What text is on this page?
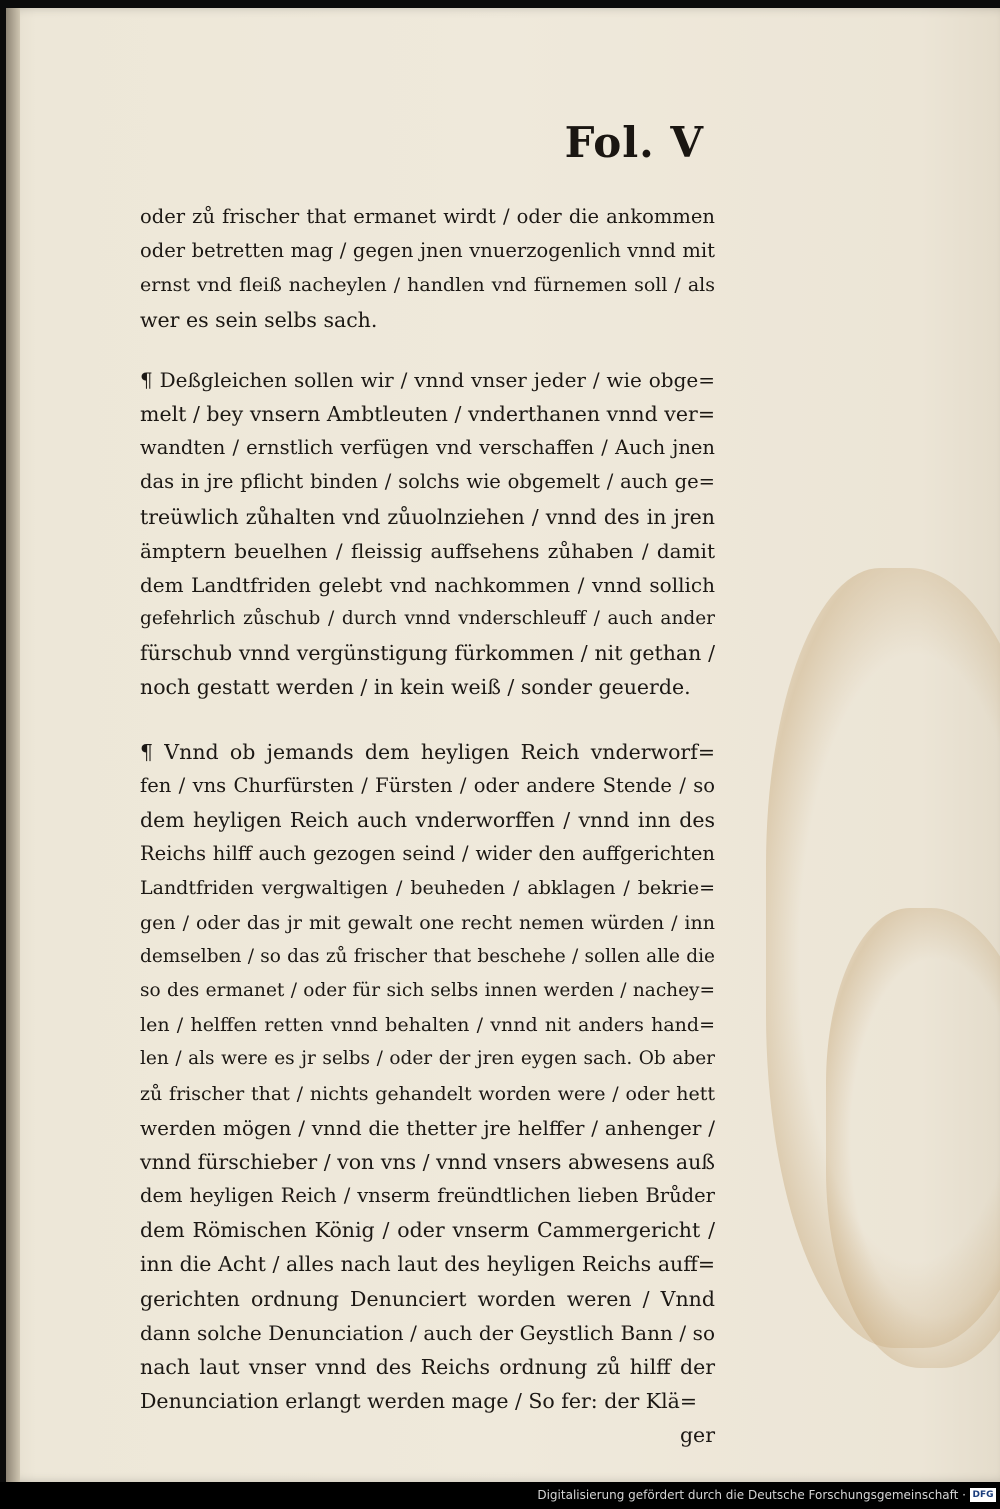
Fol. V
oder zů frischer that ermanet wirdt / oder die ankommen
oder betretten mag / gegen jnen vnuerzogenlich vnnd mit
ernst vnd fleiß nacheylen / handlen vnd fürnemen soll / als
wer es sein selbs sach.
¶ Deßgleichen sollen wir / vnnd vnser jeder / wie obge=
melt / bey vnsern Ambtleuten / vnderthanen vnnd ver=
wandten / ernstlich verfügen vnd verschaffen / Auch jnen
das in jre pflicht binden / solchs wie obgemelt / auch ge=
treüwlich zůhalten vnd zůuolnziehen / vnnd des in jren
ämptern beuelhen / fleissig auffsehens zůhaben / damit
dem Landtfriden gelebt vnd nachkommen / vnnd sollich
gefehrlich zůschub / durch vnnd vnderschleuff / auch ander
fürschub vnnd vergünstigung fürkommen / nit gethan /
noch gestatt werden / in kein weiß / sonder geuerde.
¶ Vnnd ob jemands dem heyligen Reich vnderworf=
fen / vns Churfürsten / Fürsten / oder andere Stende / so
dem heyligen Reich auch vnderworffen / vnnd inn des
Reichs hilff auch gezogen seind / wider den auffgerichten
Landtfriden vergwaltigen / beuheden / abklagen / bekrie=
gen / oder das jr mit gewalt one recht nemen würden / inn
demselben / so das zů frischer that beschehe / sollen alle die
so des ermanet / oder für sich selbs innen werden / nachey=
len / helffen retten vnnd behalten / vnnd nit anders hand=
len / als were es jr selbs / oder der jren eygen sach. Ob aber
zů frischer that / nichts gehandelt worden were / oder hett
werden mögen / vnnd die thetter jre helffer / anhenger /
vnnd fürschieber / von vns / vnnd vnsers abwesens auß
dem heyligen Reich / vnserm freündtlichen lieben Brůder
dem Römischen König / oder vnserm Cammergericht /
inn die Acht / alles nach laut des heyligen Reichs auff=
gerichten ordnung Denunciert worden weren / Vnnd
dann solche Denunciation / auch der Geystlich Bann / so
nach laut vnser vnnd des Reichs ordnung zů hilff der
Denunciation erlangt werden mage / So fer: der Klä=
ger
Digitalisierung gefördert durch die Deutsche Forschungsgemeinschaft · DFG
